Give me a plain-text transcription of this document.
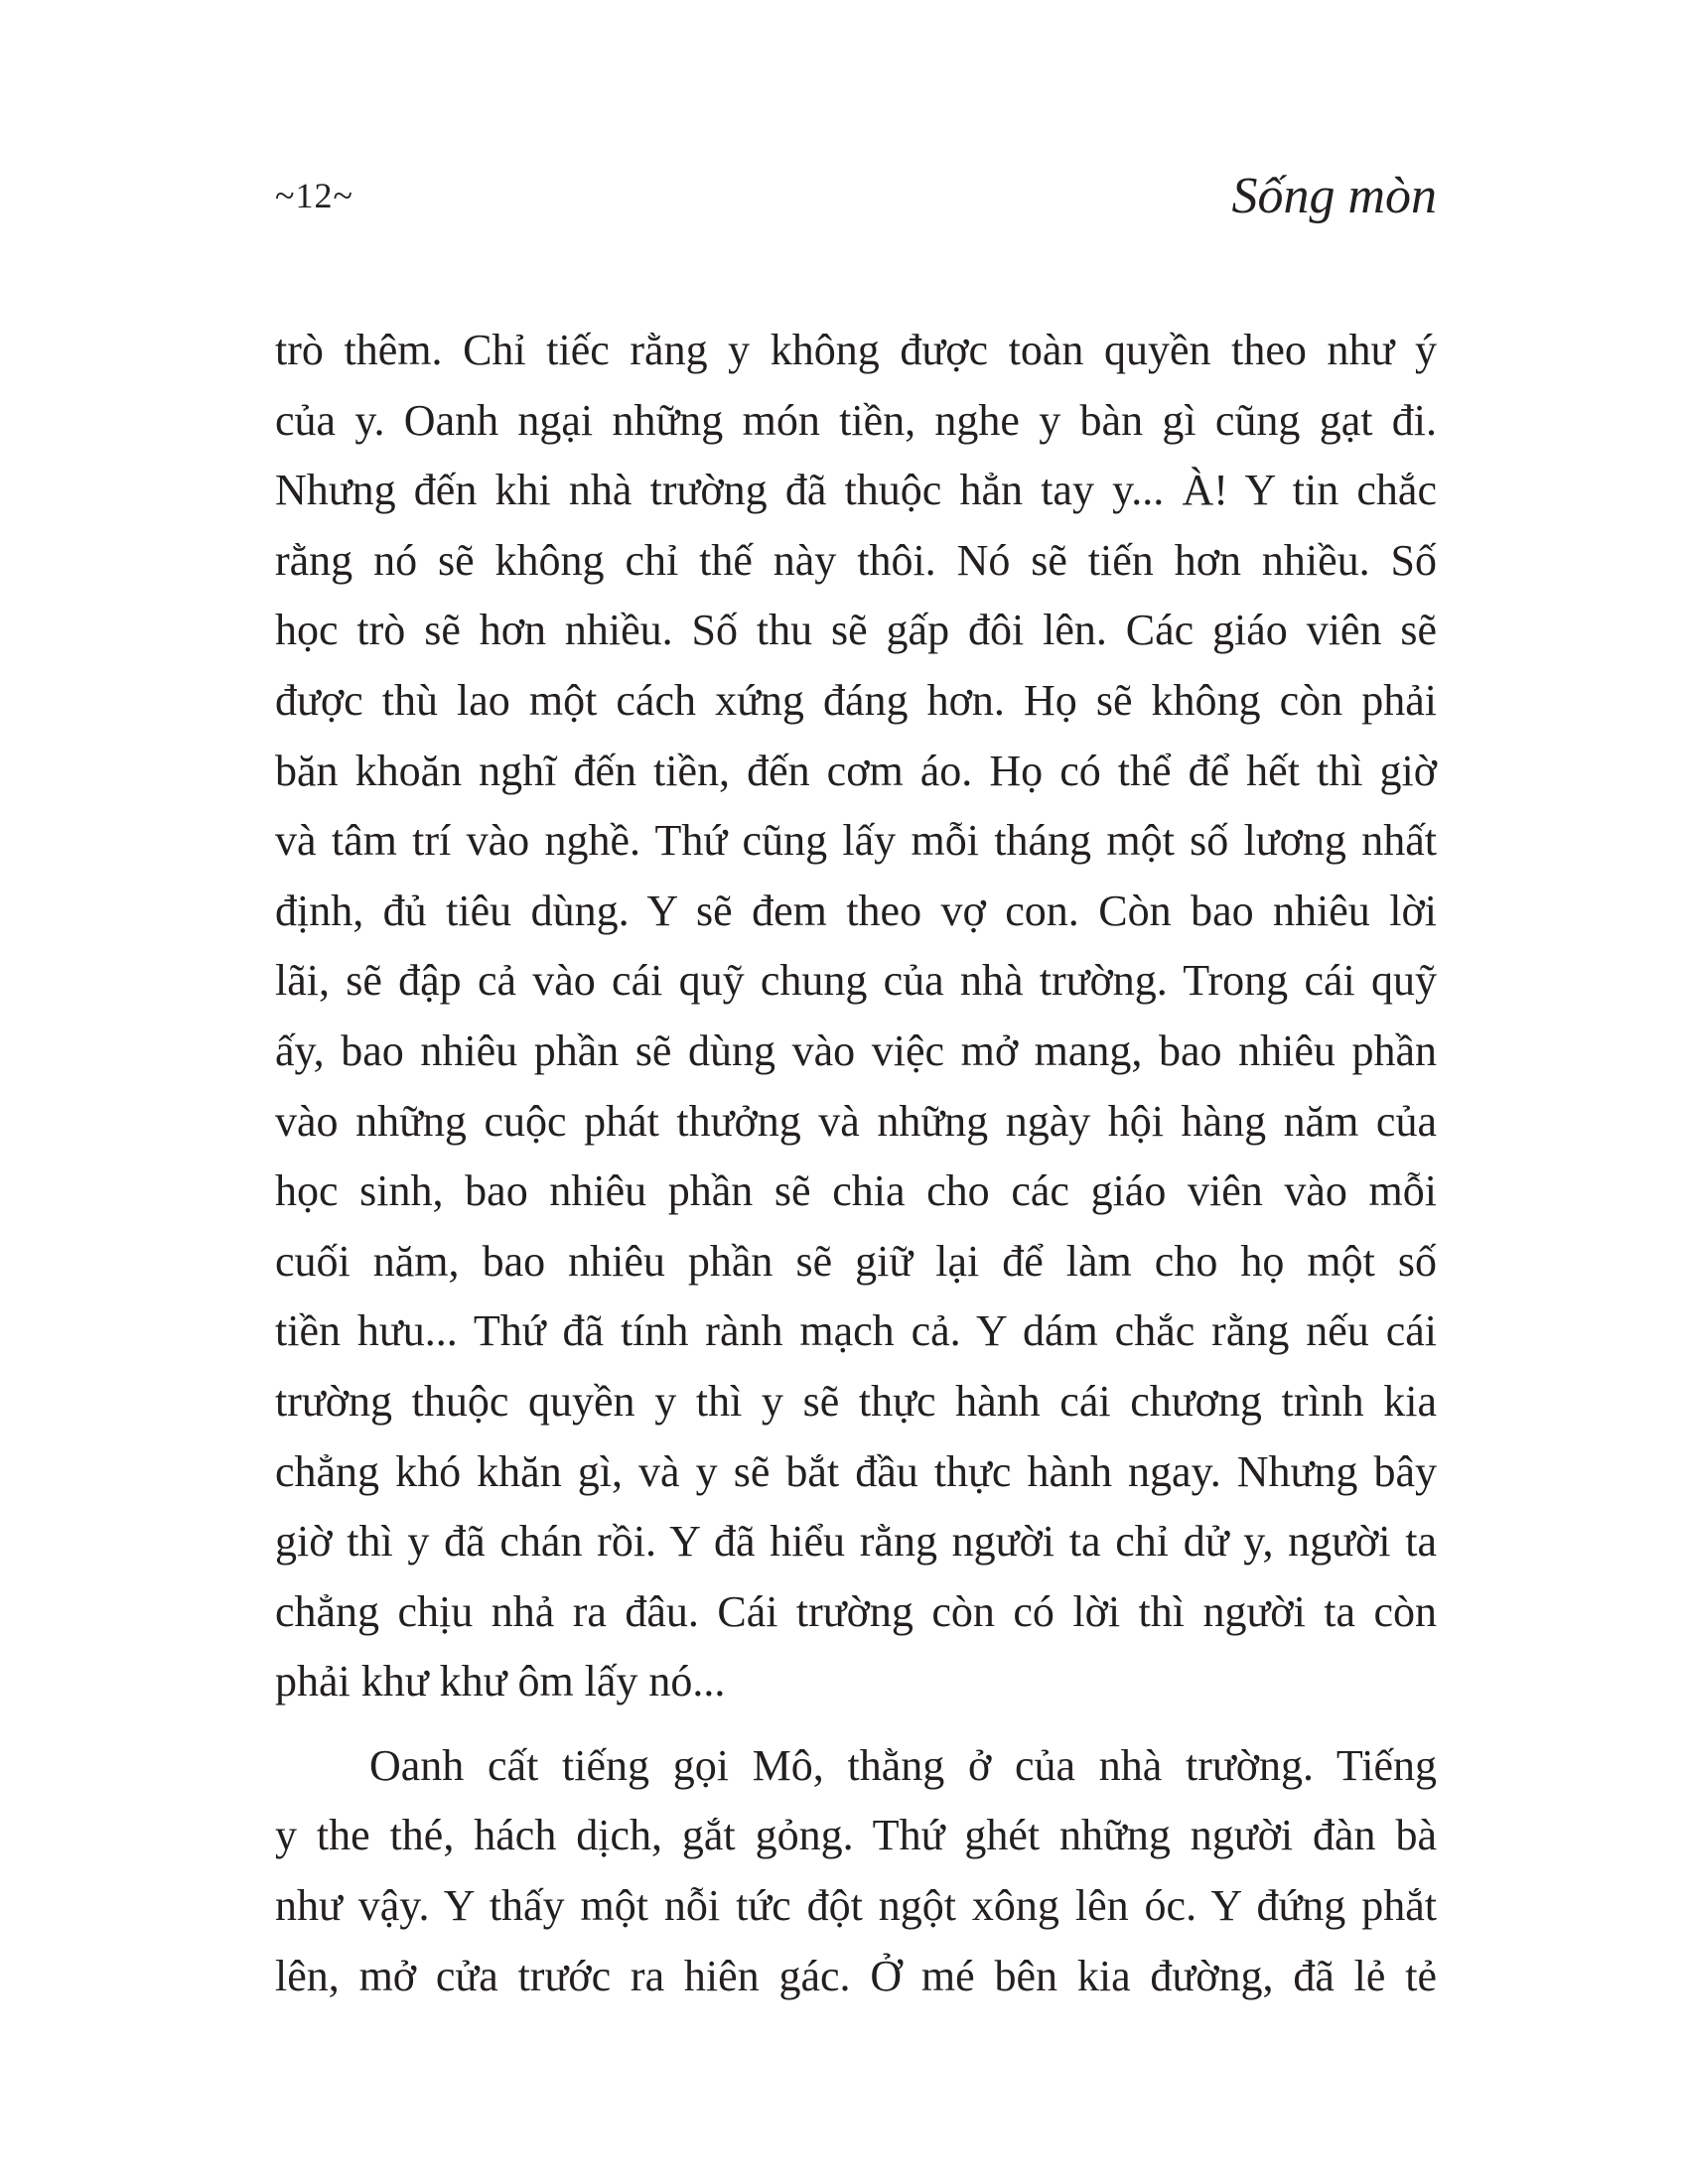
~12~	Sống mòn
trò thêm. Chỉ tiếc rằng y không được toàn quyền theo như ý
của y. Oanh ngại những món tiền, nghe y bàn gì cũng gạt đi.
Nhưng đến khi nhà trường đã thuộc hẳn tay y... À! Y tin chắc
rằng nó sẽ không chỉ thế này thôi. Nó sẽ tiến hơn nhiều. Số
học trò sẽ hơn nhiều. Số thu sẽ gấp đôi lên. Các giáo viên sẽ
được thù lao một cách xứng đáng hơn. Họ sẽ không còn phải
băn khoăn nghĩ đến tiền, đến cơm áo. Họ có thể để hết thì giờ
và tâm trí vào nghề. Thứ cũng lấy mỗi tháng một số lương nhất
định, đủ tiêu dùng. Y sẽ đem theo vợ con. Còn bao nhiêu lời
lãi, sẽ đập cả vào cái quỹ chung của nhà trường. Trong cái quỹ
ấy, bao nhiêu phần sẽ dùng vào việc mở mang, bao nhiêu phần
vào những cuộc phát thưởng và những ngày hội hàng năm của
học sinh, bao nhiêu phần sẽ chia cho các giáo viên vào mỗi
cuối năm, bao nhiêu phần sẽ giữ lại để làm cho họ một số
tiền hưu... Thứ đã tính rành mạch cả. Y dám chắc rằng nếu cái
trường thuộc quyền y thì y sẽ thực hành cái chương trình kia
chẳng khó khăn gì, và y sẽ bắt đầu thực hành ngay. Nhưng bây
giờ thì y đã chán rồi. Y đã hiểu rằng người ta chỉ dử y, người ta
chẳng chịu nhả ra đâu. Cái trường còn có lời thì người ta còn
phải khư khư ôm lấy nó...
Oanh cất tiếng gọi Mô, thằng ở của nhà trường. Tiếng
y the thé, hách dịch, gắt gỏng. Thứ ghét những người đàn bà
như vậy. Y thấy một nỗi tức đột ngột xông lên óc. Y đứng phắt
lên, mở cửa trước ra hiên gác. Ở mé bên kia đường, đã lẻ tẻ
